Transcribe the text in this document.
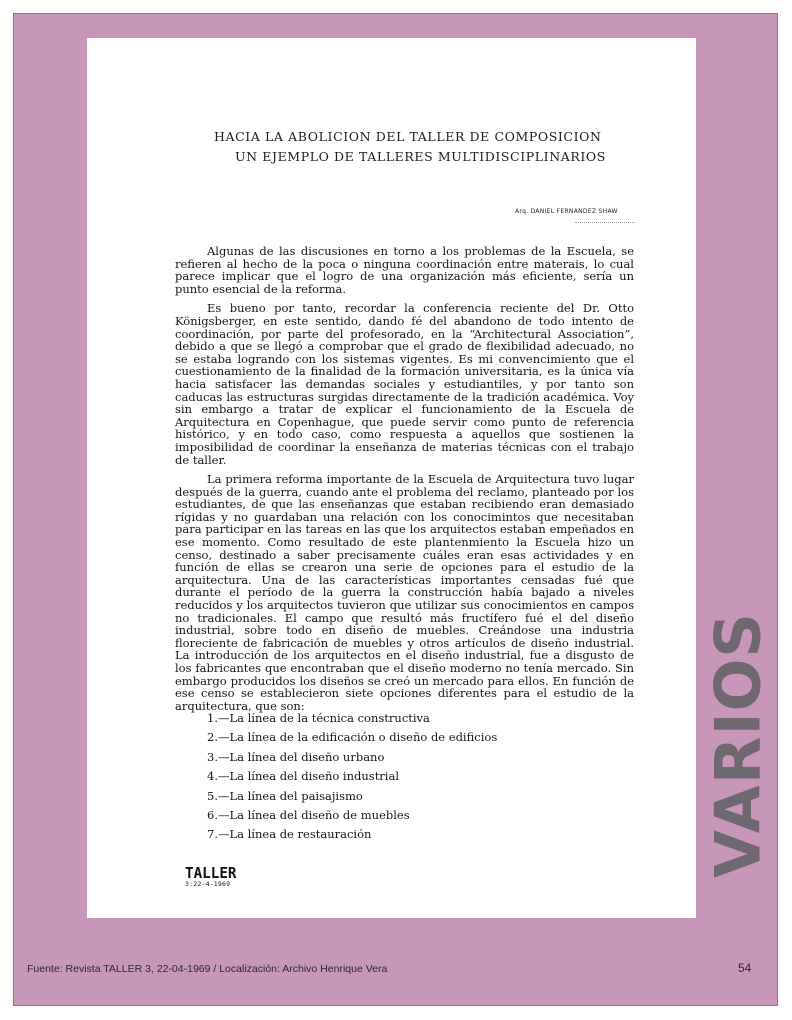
HACIA LA ABOLICION DEL TALLER DE COMPOSICION
UN EJEMPLO DE TALLERES MULTIDISCIPLINARIOS
Arq. DANIEL FERNANDEZ SHAW

Algunas de las discusiones en torno a los problemas de la Escuela, se refieren al hecho de la poca o ninguna coordinación entre materais, lo cual parece implicar que el logro de una organización más eficiente, sería un punto esencial de la reforma.

Es bueno por tanto, recordar la conferencia reciente del Dr. Otto Königsberger, en este sentido, dando fé del abandono de todo intento de coordinación, por parte del profesorado, en la “Architectural Association”, debido a que se llegó a comprobar que el grado de flexibilidad adecuado, no se estaba logrando con los sistemas vigentes. Es mi convencimiento que el cuestionamiento de la finalidad de la formación universitaria, es la única vía hacia satisfacer las demandas sociales y estudiantiles, y por tanto son caducas las estructuras surgidas directamente de la tradición académica. Voy sin embargo a tratar de explicar el funcionamiento de la Escuela de Arquitectura en Copenhague, que puede servir como punto de referencia histórico, y en todo caso, como respuesta a aquellos que sostienen la imposibilidad de coordinar la enseñanza de materias técnicas con el trabajo de taller.

La primera reforma importante de la Escuela de Arquitectura tuvo lugar después de la guerra, cuando ante el problema del reclamo, planteado por los estudiantes, de que las enseñanzas que estaban recibiendo eran demasiado rígidas y no guardaban una relación con los conocimintos que necesitaban para participar en las tareas en las que los arquitectos estaban empeñados en ese momento. Como resultado de este plantenmiento la Escuela hizo un censo, destinado a saber precisamente cuáles eran esas actividades y en función de ellas se crearon una serie de opciones para el estudio de la arquitectura. Una de las características importantes censadas fué que durante el período de la guerra la construcción había bajado a niveles reducidos y los arquitectos tuvieron que utilizar sus conocimientos en campos no tradicionales. El campo que resultó más fructífero fué el del diseño industrial, sobre todo en diseño de muebles. Creándose una industria floreciente de fabricación de muebles y otros artículos de diseño industrial. La introducción de los arquitectos en el diseño industrial, fue a disgusto de los fabricantes que encontraban que el diseño moderno no tenía mercado. Sin embargo producidos los diseños se creó un mercado para ellos. En función de ese censo se establecieron siete opciones diferentes para el estudio de la arquitectura, que son:

1.—La línea de la técnica constructiva
2.—La línea de la edificación o diseño de edificios
3.—La línea del diseño urbano
4.—La línea del diseño industrial
5.—La línea del paisajismo
6.—La línea del diseño de muebles
7.—La línea de restauración
TALLER
3:22-4-1969
VARIOS
Fuente: Revista TALLER 3, 22-04-1969 / Localización: Archivo Henrique Vera	54
